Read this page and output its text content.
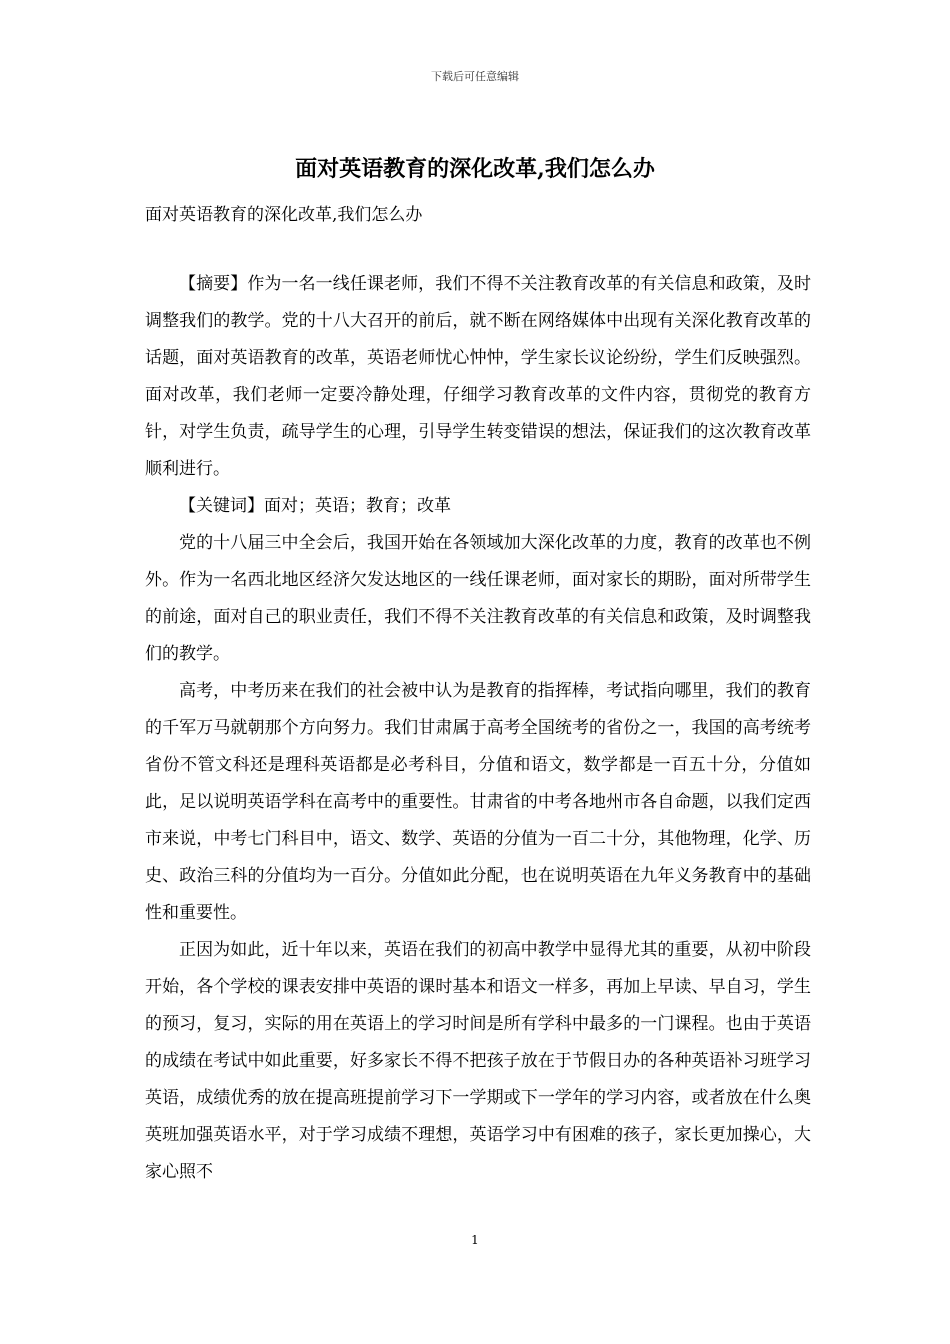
下载后可任意编辑
面对英语教育的深化改革,我们怎么办
面对英语教育的深化改革,我们怎么办

【摘要】作为一名一线任课老师，我们不得不关注教育改革的有关信息和政策，及时调整我们的教学。党的十八大召开的前后，就不断在网络媒体中出现有关深化教育改革的话题，面对英语教育的改革，英语老师忧心忡忡，学生家长议论纷纷，学生们反映强烈。面对改革，我们老师一定要冷静处理，仔细学习教育改革的文件内容，贯彻党的教育方针，对学生负责，疏导学生的心理，引导学生转变错误的想法，保证我们的这次教育改革顺利进行。

【关键词】面对；英语；教育；改革

党的十八届三中全会后，我国开始在各领域加大深化改革的力度，教育的改革也不例外。作为一名西北地区经济欠发达地区的一线任课老师，面对家长的期盼，面对所带学生的前途，面对自己的职业责任，我们不得不关注教育改革的有关信息和政策，及时调整我们的教学。

高考，中考历来在我们的社会被中认为是教育的指挥棒，考试指向哪里，我们的教育的千军万马就朝那个方向努力。我们甘肃属于高考全国统考的省份之一，我国的高考统考省份不管文科还是理科英语都是必考科目，分值和语文，数学都是一百五十分，分值如此，足以说明英语学科在高考中的重要性。甘肃省的中考各地州市各自命题，以我们定西市来说，中考七门科目中，语文、数学、英语的分值为一百二十分，其他物理，化学、历史、政治三科的分值均为一百分。分值如此分配，也在说明英语在九年义务教育中的基础性和重要性。

正因为如此，近十年以来，英语在我们的初高中教学中显得尤其的重要，从初中阶段开始，各个学校的课表安排中英语的课时基本和语文一样多，再加上早读、早自习，学生的预习，复习，实际的用在英语上的学习时间是所有学科中最多的一门课程。也由于英语的成绩在考试中如此重要，好多家长不得不把孩子放在于节假日办的各种英语补习班学习英语，成绩优秀的放在提高班提前学习下一学期或下一学年的学习内容，或者放在什么奥英班加强英语水平，对于学习成绩不理想，英语学习中有困难的孩子，家长更加操心，大家心照不

1
